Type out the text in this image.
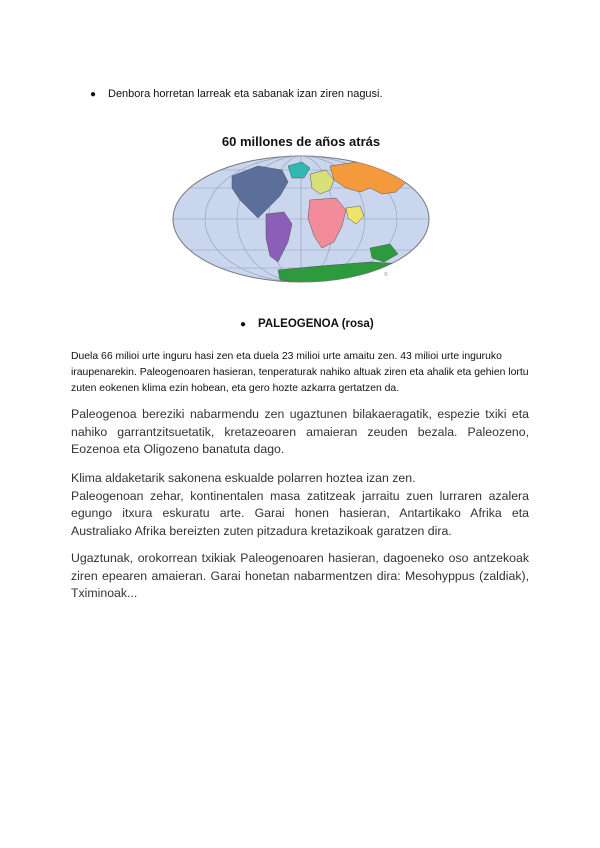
●	Denbora horretan larreak eta sabanak izan ziren nagusi.
60 millones de años atrás
©
●	PALEOGENOA (rosa)
Duela 66 milioi urte inguru hasi zen eta duela 23 milioi urte amaitu zen. 43 milioi urte inguruko iraupenarekin. Paleogenoaren hasieran, tenperaturak nahiko altuak ziren eta ahalik eta gehien lortu zuten eokenen klima ezin hobean, eta gero hozte azkarra gertatzen da.
Paleogenoa bereziki nabarmendu zen ugaztunen bilakaeragatik, espezie txiki eta nahiko garrantzitsuetatik, kretazeoaren amaieran zeuden bezala. Paleozeno, Eozenoa eta Oligozeno banatuta dago.
Klima aldaketarik sakonena eskualde polarren hoztea izan zen.
Paleogenoan zehar, kontinentalen masa zatitzeak jarraitu zuen lurraren azalera egungo itxura eskuratu arte. Garai honen hasieran, Antartikako Afrika eta Australiako Afrika bereizten zuten pitzadura kretazikoak garatzen dira.
Ugaztunak, orokorrean txikiak Paleogenoaren hasieran, dagoeneko oso antzekoak ziren epearen amaieran. Garai honetan nabarmentzen dira: Mesohyppus (zaldiak), Tximinoak...
